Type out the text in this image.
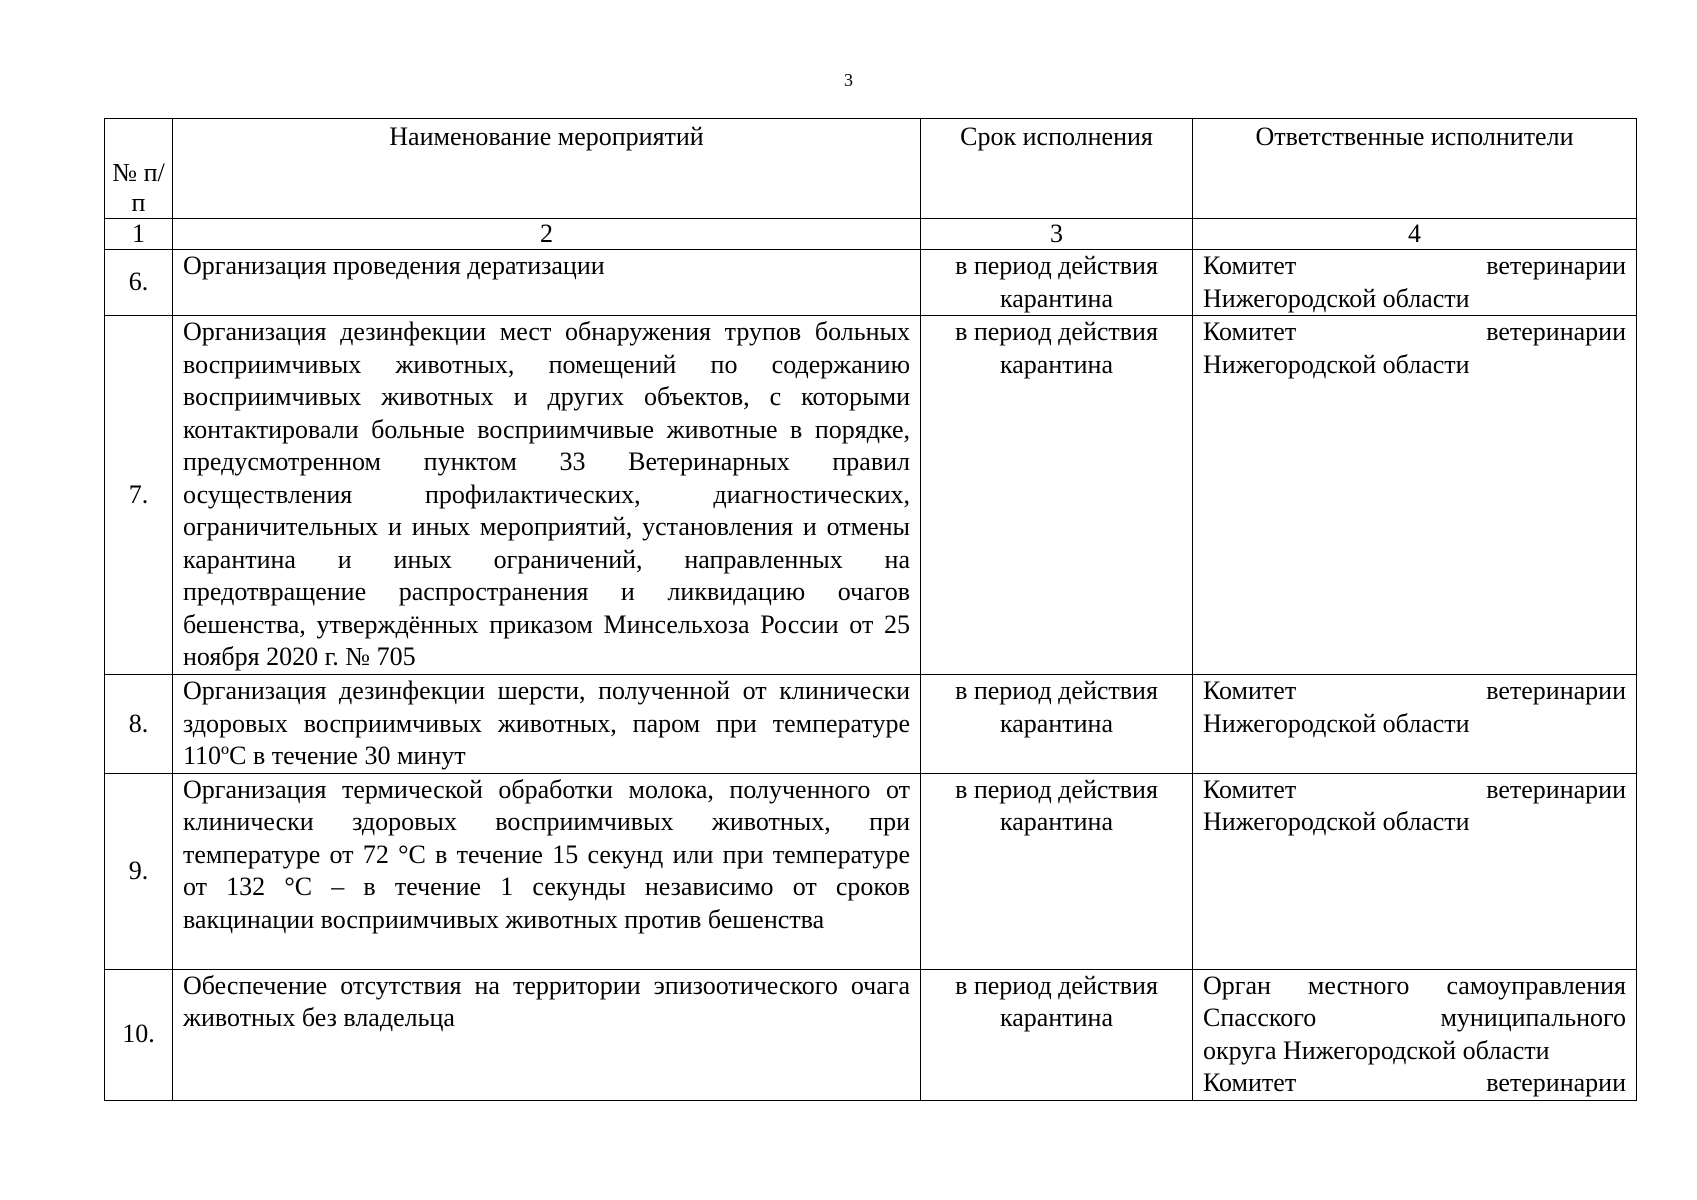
3
№ п/п	Наименование мероприятий	Срок исполнения	Ответственные исполнители
1	2	3	4
6.	Организация проведения дератизации	в период действия карантина	Комитет ветеринарии
Нижегородской области

7.	Организация дезинфекции мест обнаружения трупов больных восприимчивых животных, помещений по содержанию восприимчивых животных и других объектов, с которыми контактировали больные восприимчивые животные в порядке, предусмотренном пунктом 33 Ветеринарных правил осуществления профилактических, диагностических, ограничительных и иных мероприятий, установления и отмены карантина и иных ограничений, направленных на предотвращение распространения и ликвидацию очагов бешенства, утверждённых приказом Минсельхоза России от 25 ноября 2020 г. № 705	в период действия карантина	Комитет ветеринарии
Нижегородской области

8.	Организация дезинфекции шерсти, полученной от клинически здоровых восприимчивых животных, паром при температуре 110ºС в течение 30 минут	в период действия карантина	Комитет ветеринарии
Нижегородской области

9.	Организация термической обработки молока, полученного от клинически здоровых восприимчивых животных, при температуре от 72 °С в течение 15 секунд или при температуре от 132 °С – в течение 1 секунды независимо от сроков вакцинации восприимчивых животных против бешенства	в период действия карантина	Комитет ветеринарии
Нижегородской области

10.	Обеспечение отсутствия на территории эпизоотического очага животных без владельца	в период действия карантина	Орган местного самоуправления
Спасского муниципального
округа Нижегородской области
Комитет ветеринарии
